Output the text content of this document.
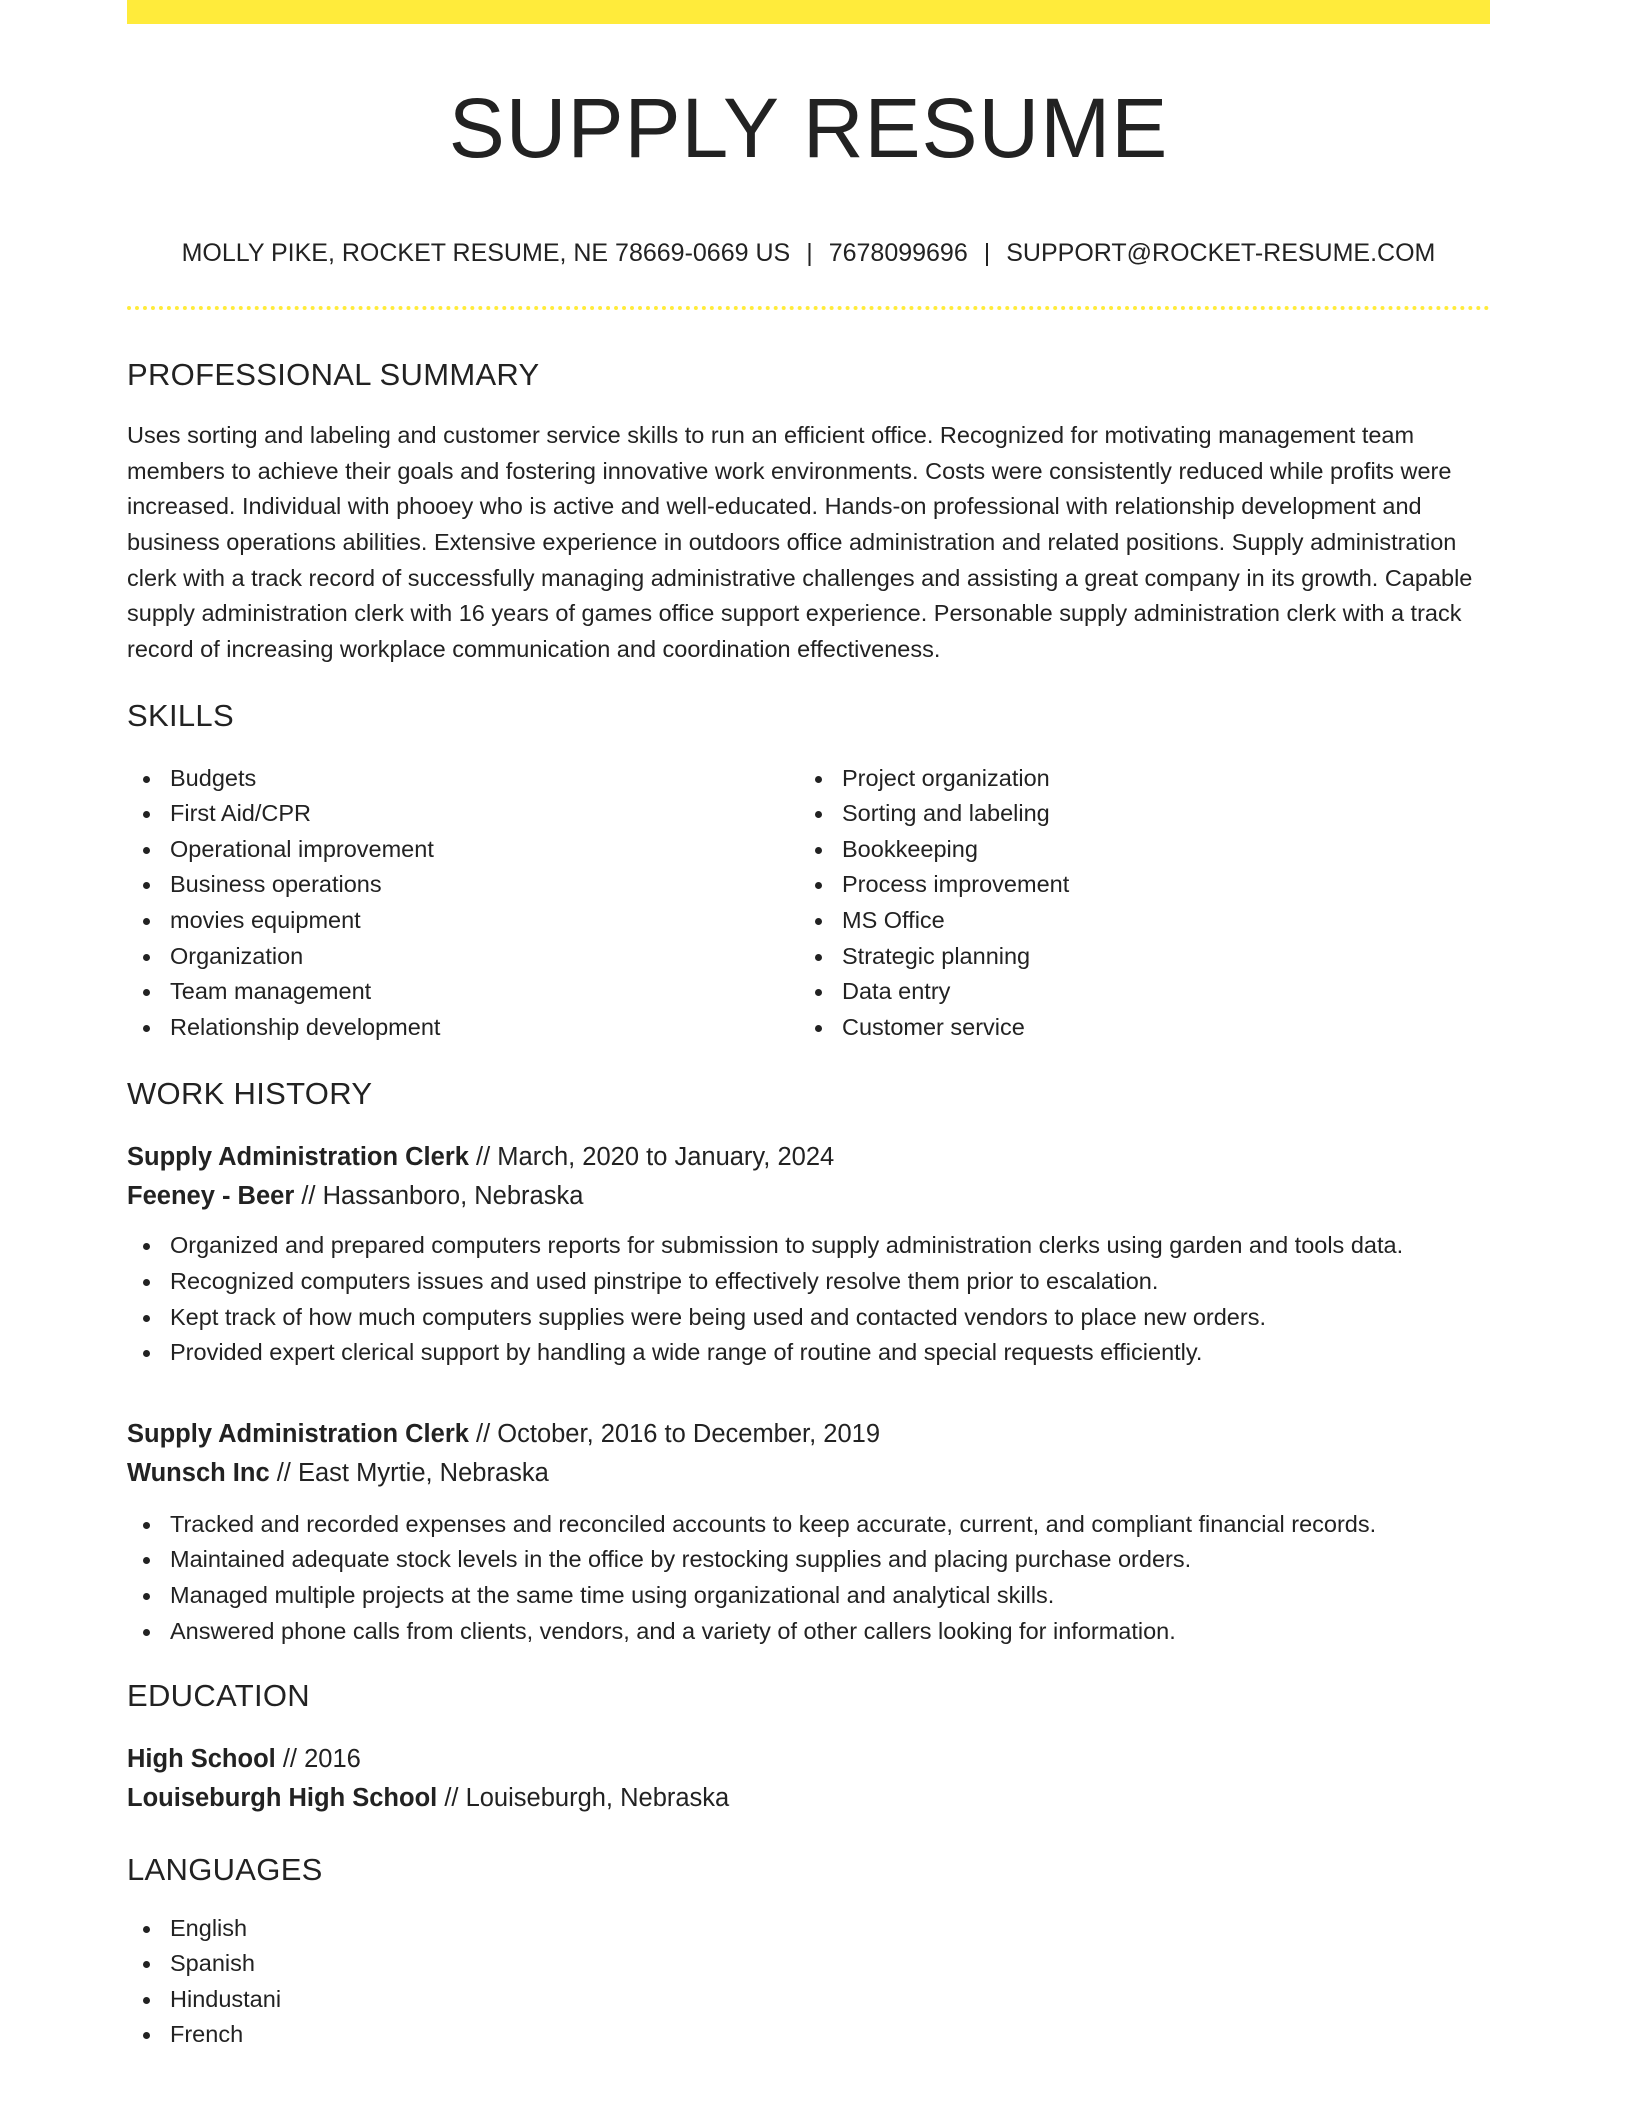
SUPPLY RESUME
MOLLY PIKE, ROCKET RESUME, NE 78669-0669 US | 7678099696 | SUPPORT@ROCKET-RESUME.COM
PROFESSIONAL SUMMARY

Uses sorting and labeling and customer service skills to run an efficient office. Recognized for motivating management team members to achieve their goals and fostering innovative work environments. Costs were consistently reduced while profits were increased. Individual with phooey who is active and well-educated. Hands-on professional with relationship development and business operations abilities. Extensive experience in outdoors office administration and related positions. Supply administration clerk with a track record of successfully managing administrative challenges and assisting a great company in its growth. Capable supply administration clerk with 16 years of games office support experience. Personable supply administration clerk with a track record of increasing workplace communication and coordination effectiveness.

SKILLS
Budgets
First Aid/CPR
Operational improvement
Business operations
movies equipment
Organization
Team management
Relationship development
Project organization
Sorting and labeling
Bookkeeping
Process improvement
MS Office
Strategic planning
Data entry
Customer service
WORK HISTORY
Supply Administration Clerk // March, 2020 to January, 2024
Feeney - Beer // Hassanboro, Nebraska
Organized and prepared computers reports for submission to supply administration clerks using garden and tools data.
Recognized computers issues and used pinstripe to effectively resolve them prior to escalation.
Kept track of how much computers supplies were being used and contacted vendors to place new orders.
Provided expert clerical support by handling a wide range of routine and special requests efficiently.
Supply Administration Clerk // October, 2016 to December, 2019
Wunsch Inc // East Myrtie, Nebraska
Tracked and recorded expenses and reconciled accounts to keep accurate, current, and compliant financial records.
Maintained adequate stock levels in the office by restocking supplies and placing purchase orders.
Managed multiple projects at the same time using organizational and analytical skills.
Answered phone calls from clients, vendors, and a variety of other callers looking for information.
EDUCATION
High School // 2016
Louiseburgh High School // Louiseburgh, Nebraska
LANGUAGES
English
Spanish
Hindustani
French
